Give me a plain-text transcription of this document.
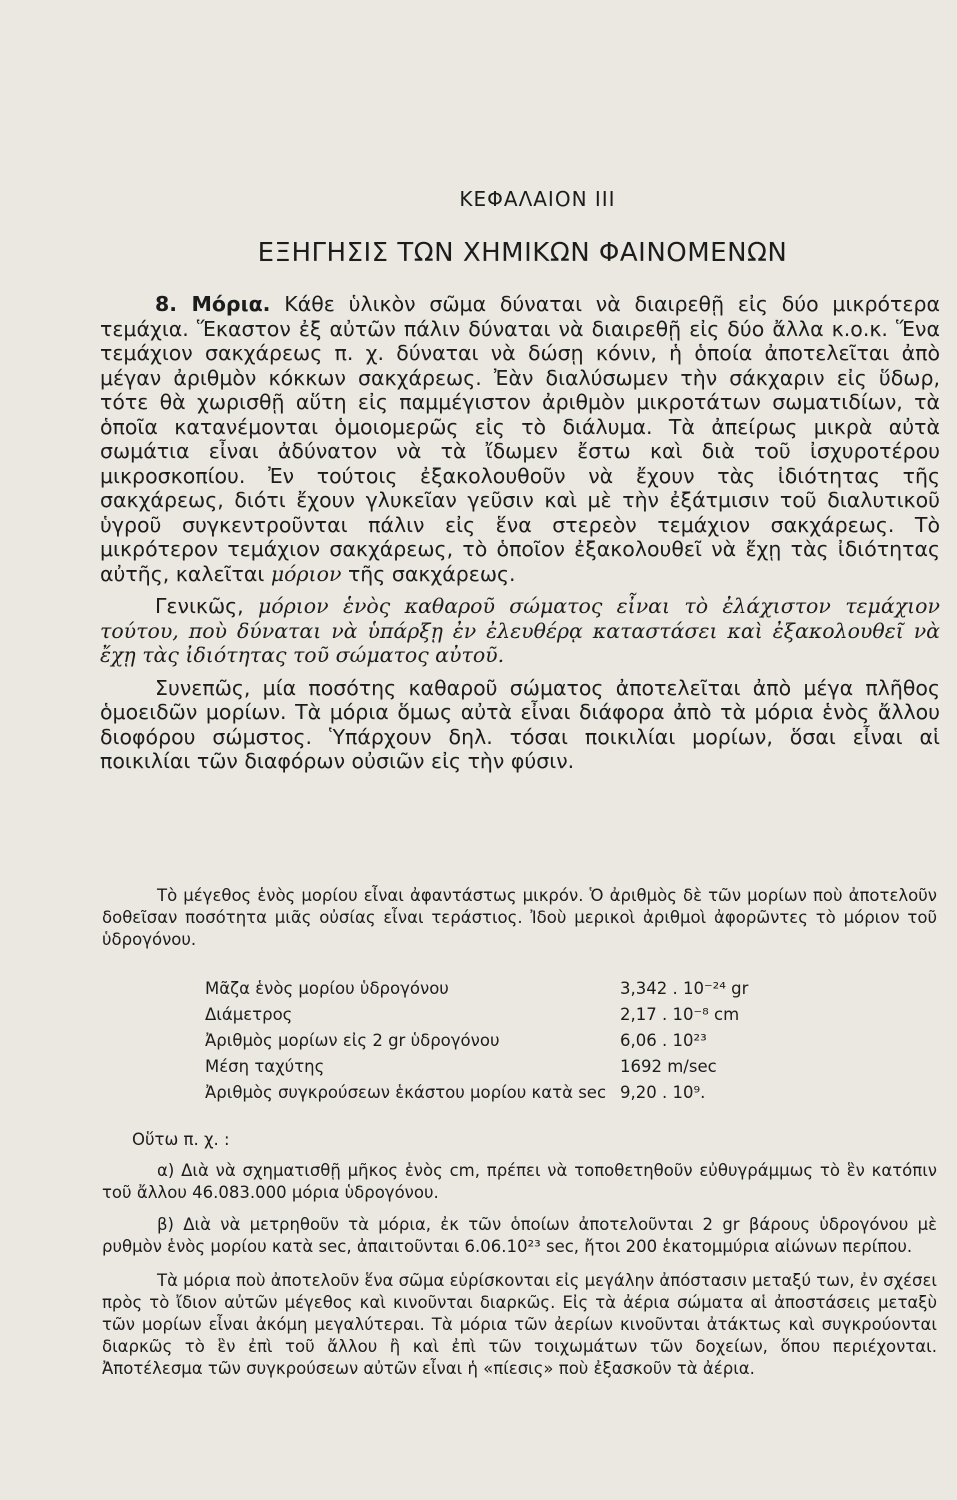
ΚΕΦΑΛΑΙΟΝ III
ΕΞΗΓΗΣΙΣ ΤΩΝ ΧΗΜΙΚΩΝ ΦΑΙΝΟΜΕΝΩΝ

8. Μόρια. Κάθε ὑλικὸν σῶμα δύναται νὰ διαιρεθῇ εἰς δύο μικρότερα τεμάχια. Ἕκαστον ἐξ αὐτῶν πάλιν δύναται νὰ διαιρεθῇ εἰς δύο ἄλλα κ.ο.κ. Ἕνα τεμάχιον σακχάρεως π. χ. δύναται νὰ δώσῃ κόνιν, ἡ ὁποία ἀποτελεῖται ἀπὸ μέγαν ἀριθμὸν κόκκων σακχάρεως. Ἐὰν διαλύσωμεν τὴν σάκχαριν εἰς ὕδωρ, τότε θὰ χωρισθῇ αὕτη εἰς παμμέγιστον ἀριθμὸν μικροτάτων σωματιδίων, τὰ ὁποῖα κατανέμονται ὁμοιομερῶς εἰς τὸ διάλυμα. Τὰ ἀπείρως μικρὰ αὐτὰ σωμάτια εἶναι ἀδύνατον νὰ τὰ ἴδωμεν ἔστω καὶ διὰ τοῦ ἰσχυροτέρου μικροσκοπίου. Ἐν τούτοις ἐξακολουθοῦν νὰ ἔχουν τὰς ἰδιότητας τῆς σακχάρεως, διότι ἔχουν γλυκεῖαν γεῦσιν καὶ μὲ τὴν ἐξάτμισιν τοῦ διαλυτικοῦ ὑγροῦ συγκεντροῦνται πάλιν εἰς ἕνα στερεὸν τεμάχιον σακχάρεως. Τὸ μικρότερον τεμάχιον σακχάρεως, τὸ ὁποῖον ἐξακολουθεῖ νὰ ἔχῃ τὰς ἰδιότητας αὐτῆς, καλεῖται μόριον τῆς σακχάρεως.

Γενικῶς, μόριον ἑνὸς καθαροῦ σώματος εἶναι τὸ ἐλάχιστον τεμάχιον τούτου, ποὺ δύναται νὰ ὑπάρξῃ ἐν ἐλευθέρᾳ καταστάσει καὶ ἐξακολουθεῖ νὰ ἔχῃ τὰς ἰδιότητας τοῦ σώματος αὐτοῦ.

Συνεπῶς, μία ποσότης καθαροῦ σώματος ἀποτελεῖται ἀπὸ μέγα πλῆθος ὁμοειδῶν μορίων. Τὰ μόρια ὅμως αὐτὰ εἶναι διάφορα ἀπὸ τὰ μόρια ἑνὸς ἄλλου διοφόρου σώμστος. Ὑπάρχουν δηλ. τόσαι ποικιλίαι μορίων, ὅσαι εἶναι αἱ ποικιλίαι τῶν διαφόρων οὐσιῶν εἰς τὴν φύσιν.

Τὸ μέγεθος ἑνὸς μορίου εἶναι ἀφαντάστως μικρόν. Ὁ ἀριθμὸς δὲ τῶν μορίων ποὺ ἀποτελοῦν δοθεῖσαν ποσότητα μιᾶς οὐσίας εἶναι τεράστιος. Ἰδοὺ μερικοὶ ἀριθμοὶ ἀφορῶντες τὸ μόριον τοῦ ὑδρογόνου.

Μᾶζα ἑνὸς μορίου ὑδρογόνου	3,342 . 10⁻²⁴ gr
Διάμετρος	2,17 . 10⁻⁸ cm
Ἀριθμὸς μορίων εἰς 2 gr ὑδρογόνου	6,06 . 10²³
Μέση ταχύτης	1692 m/sec
Ἀριθμὸς συγκρούσεων ἑκάστου μορίου κατὰ sec	9,20 . 10⁹.
Οὕτω π. χ. :

α) Διὰ νὰ σχηματισθῇ μῆκος ἑνὸς cm, πρέπει νὰ τοποθετηθοῦν εὐθυγράμμως τὸ ἓν κατόπιν τοῦ ἄλλου 46.083.000 μόρια ὑδρογόνου.

β) Διὰ νὰ μετρηθοῦν τὰ μόρια, ἐκ τῶν ὁποίων ἀποτελοῦνται 2 gr βάρους ὑδρογόνου μὲ ρυθμὸν ἑνὸς μορίου κατὰ sec, ἀπαιτοῦνται 6.06.10²³ sec, ἤτοι 200 ἑκατομμύρια αἰώνων περίπου.

Τὰ μόρια ποὺ ἀποτελοῦν ἕνα σῶμα εὑρίσκονται εἰς μεγάλην ἀπόστασιν μεταξύ των, ἐν σχέσει πρὸς τὸ ἴδιον αὐτῶν μέγεθος καὶ κινοῦνται διαρκῶς. Εἰς τὰ ἀέρια σώματα αἱ ἀποστάσεις μεταξὺ τῶν μορίων εἶναι ἀκόμη μεγαλύτεραι. Τὰ μόρια τῶν ἀερίων κινοῦνται ἀτάκτως καὶ συγκρούονται διαρκῶς τὸ ἓν ἐπὶ τοῦ ἄλλου ἢ καὶ ἐπὶ τῶν τοιχωμάτων τῶν δοχείων, ὅπου περιέχονται. Ἀποτέλεσμα τῶν συγκρούσεων αὐτῶν εἶναι ἡ «πίεσις» ποὺ ἐξασκοῦν τὰ ἀέρια.
